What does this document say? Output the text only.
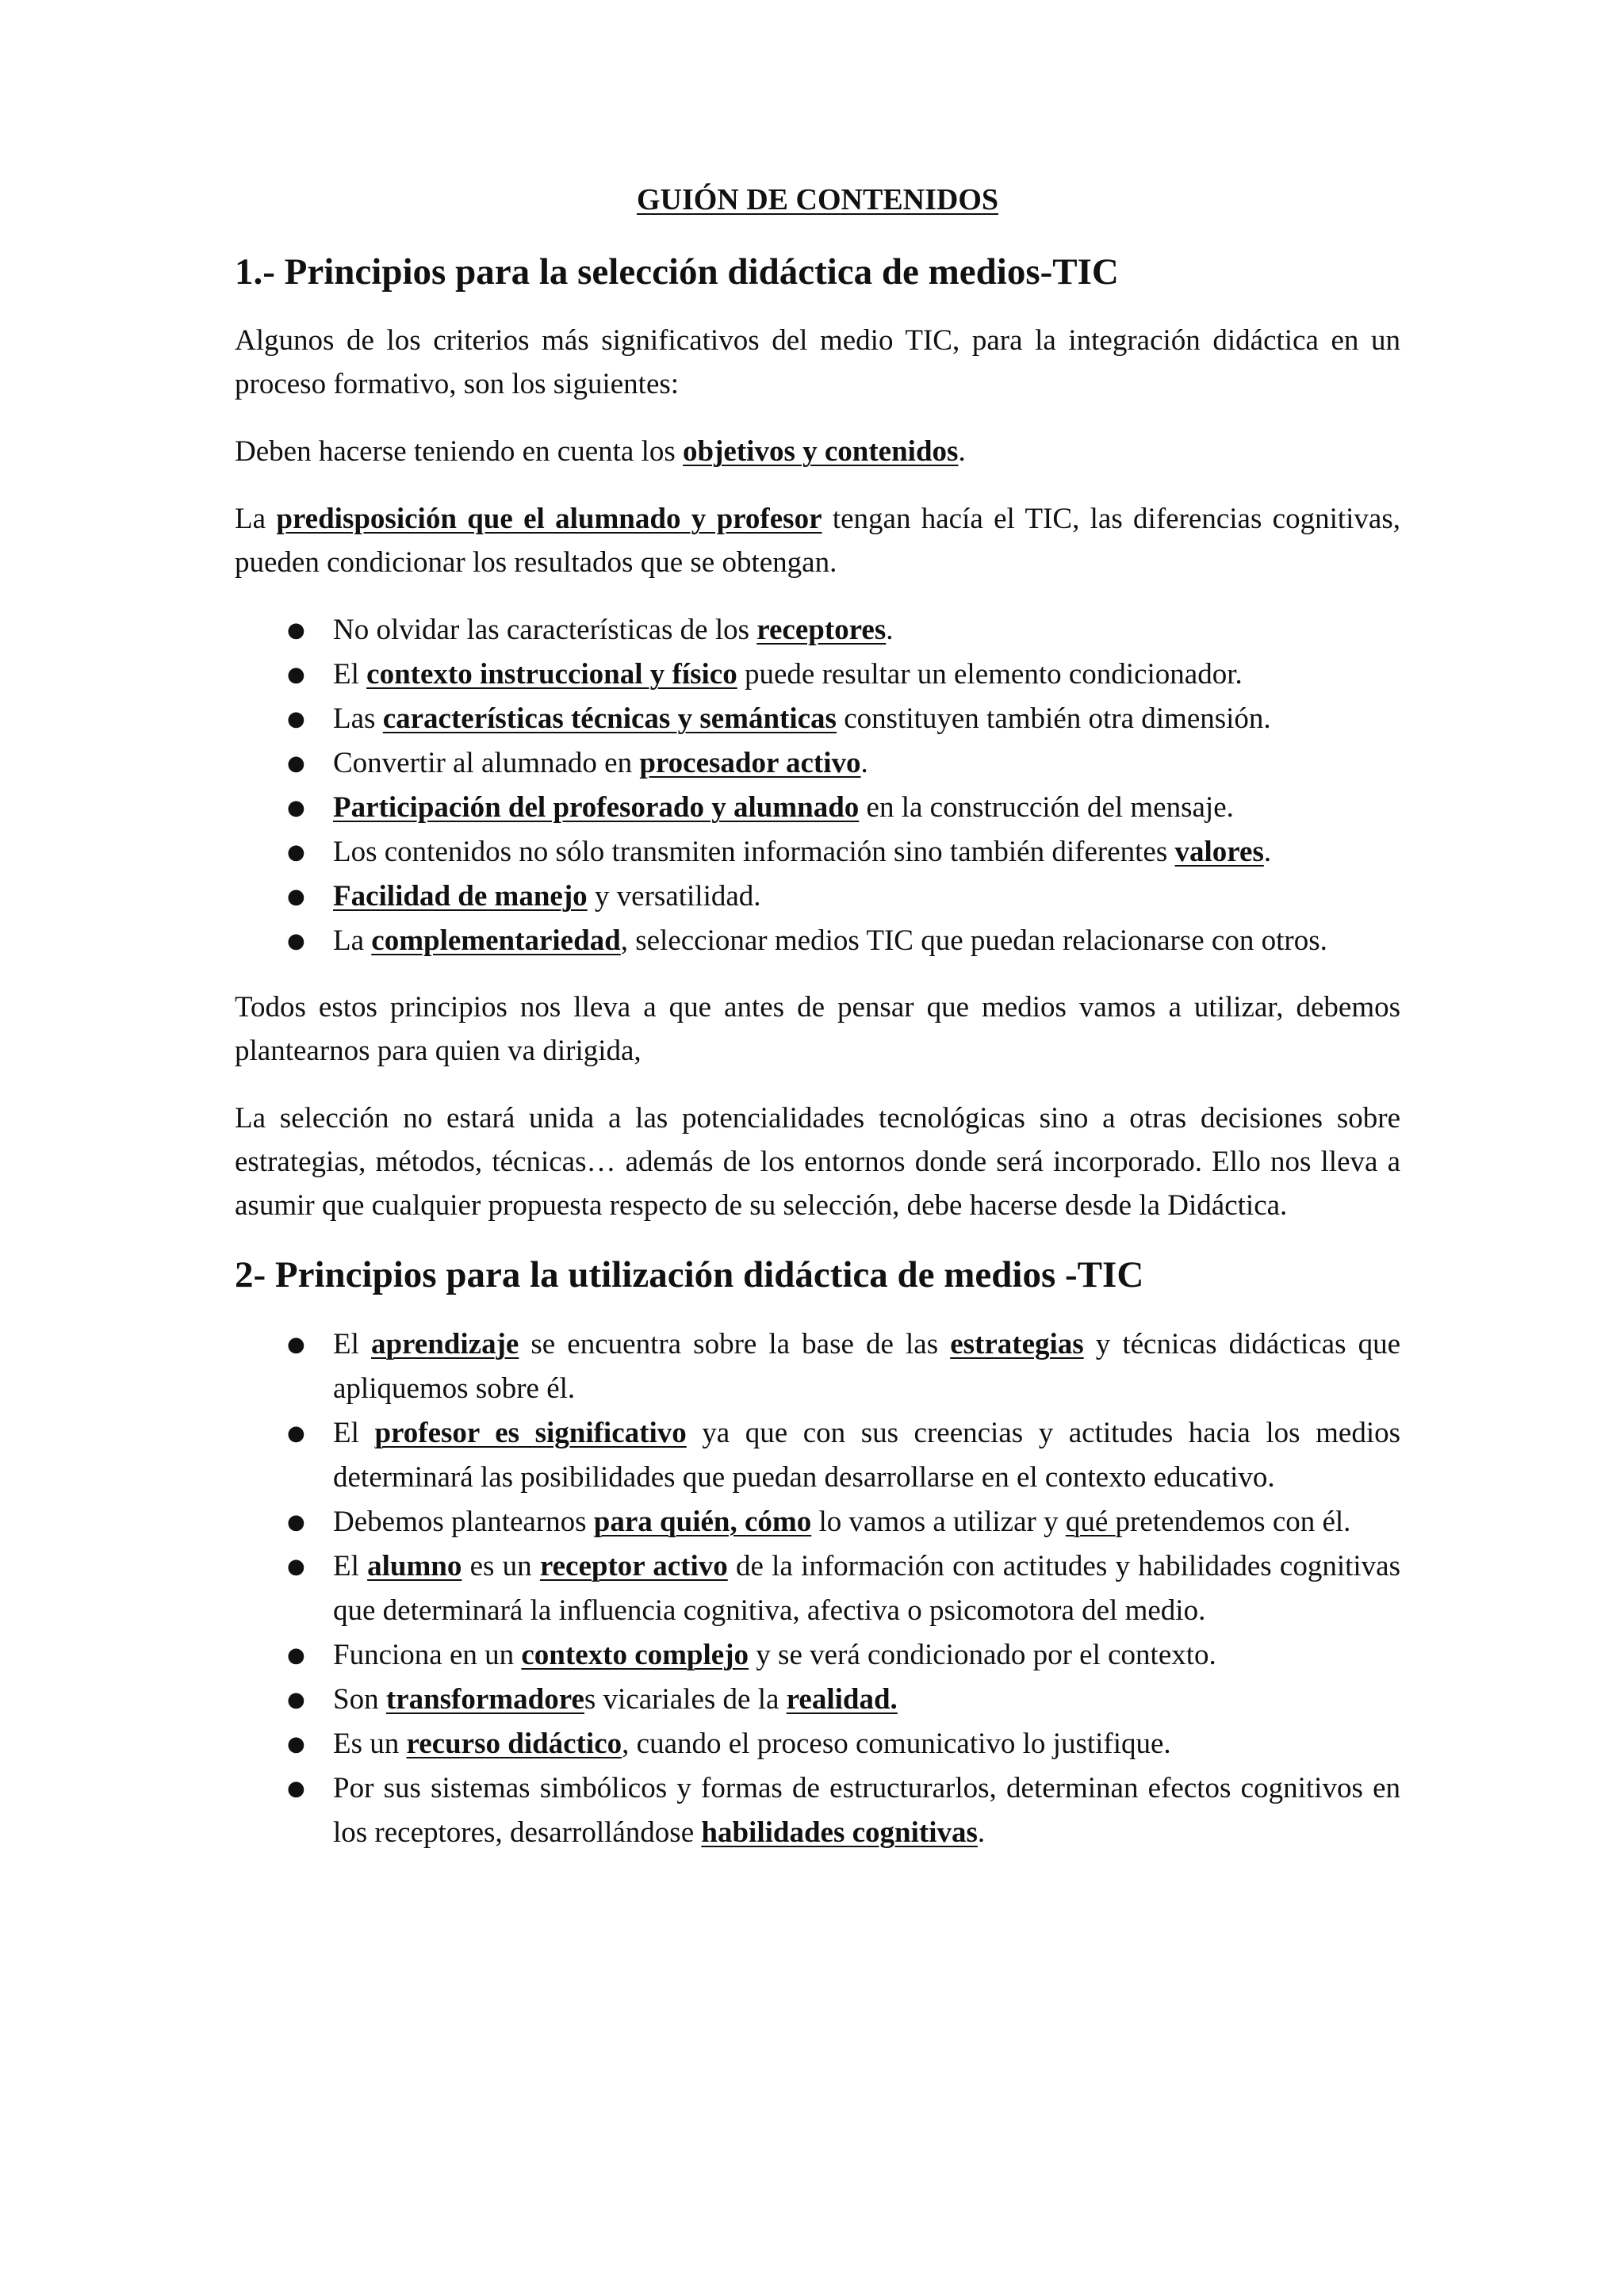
GUIÓN DE CONTENIDOS
1.- Principios para la selección didáctica de medios-TIC

Algunos de los criterios más significativos del medio TIC, para la integración didáctica en un proceso formativo, son los siguientes:

Deben hacerse teniendo en cuenta los objetivos y contenidos.

La predisposición que el alumnado y profesor tengan hacía el TIC, las diferencias cognitivas, pueden condicionar los resultados que se obtengan.

● No olvidar las características de los receptores.
● El contexto instruccional y físico puede resultar un elemento condicionador.
● Las características técnicas y semánticas constituyen también otra dimensión.
● Convertir al alumnado en procesador activo.
● Participación del profesorado y alumnado en la construcción del mensaje.
● Los contenidos no sólo transmiten información sino también diferentes valores.
● Facilidad de manejo y versatilidad.
● La complementariedad, seleccionar medios TIC que puedan relacionarse con otros.

Todos estos principios nos lleva a que antes de pensar que medios vamos a utilizar, debemos plantearnos para quien va dirigida,

La selección no estará unida a las potencialidades tecnológicas sino a otras decisiones sobre estrategias, métodos, técnicas… además de los entornos donde será incorporado. Ello nos lleva a asumir que cualquier propuesta respecto de su selección, debe hacerse desde la Didáctica.

2- Principios para la utilización didáctica de medios -TIC
● El aprendizaje se encuentra sobre la base de las estrategias y técnicas didácticas que apliquemos sobre él.
● El profesor es significativo ya que con sus creencias y actitudes hacia los medios determinará las posibilidades que puedan desarrollarse en el contexto educativo.
● Debemos plantearnos para quién, cómo lo vamos a utilizar y qué pretendemos con él.
● El alumno es un receptor activo de la información con actitudes y habilidades cognitivas que determinará la influencia cognitiva, afectiva o psicomotora del medio.
● Funciona en un contexto complejo y se verá condicionado por el contexto.
● Son transformadores vicariales de la realidad.
● Es un recurso didáctico, cuando el proceso comunicativo lo justifique.
● Por sus sistemas simbólicos y formas de estructurarlos, determinan efectos cognitivos en los receptores, desarrollándose habilidades cognitivas.
